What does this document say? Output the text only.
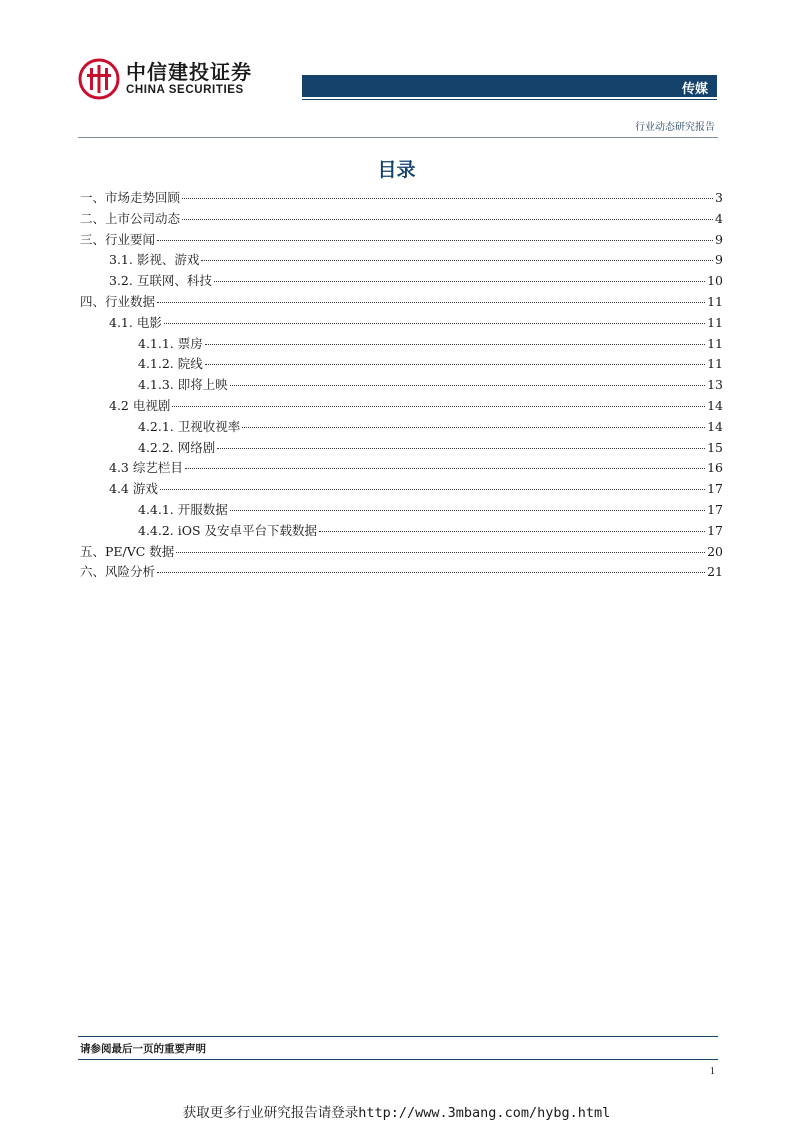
中信建投证券
CHINA SECURITIES	传媒
行业动态研究报告
目录
一、市场走势回顾	3
二、上市公司动态	4
三、行业要闻	9
3.1. 影视、游戏	9
3.2. 互联网、科技	10
四、行业数据	11
4.1. 电影	11
4.1.1. 票房	11
4.1.2. 院线	11
4.1.3. 即将上映	13
4.2 电视剧	14
4.2.1. 卫视收视率	14
4.2.2. 网络剧	15
4.3 综艺栏目	16
4.4 游戏	17
4.4.1. 开服数据	17
4.4.2. iOS 及安卓平台下载数据	17
五、PE/VC 数据	20
六、风险分析	21
请参阅最后一页的重要声明
1
获取更多行业研究报告请登录http://www.3mbang.com/hybg.html
